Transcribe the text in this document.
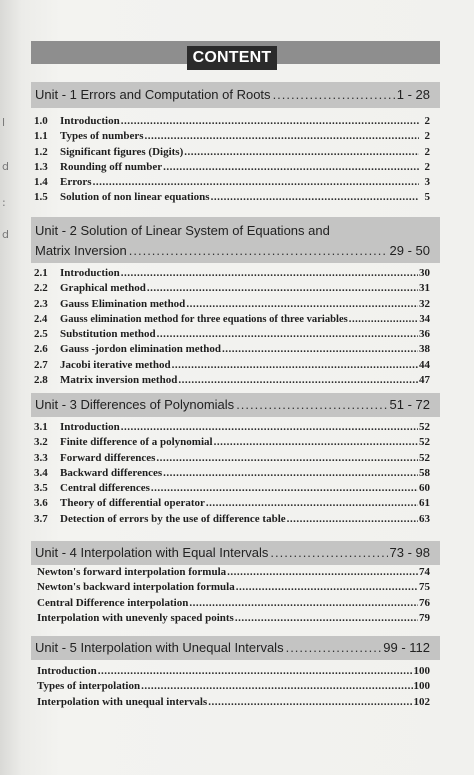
l
d
:
d
CONTENT
Unit - 1 Errors and Computation of Roots .....	1 - 28
1.0	Introduction .....	2
1.1	Types of numbers .....	2
1.2	Significant figures (Digits) .....	2
1.3	Rounding off number .....	2
1.4	Errors .....	3
1.5	Solution of non linear equations .....	5
Unit - 2 Solution of Linear System of Equations and
Matrix Inversion .....	29 - 50
2.1	Introduction .....	30
2.2	Graphical method .....	31
2.3	Gauss Elimination method .....	32
2.4	Gauss elimination method for three equations of three variables .....	34
2.5	Substitution method .....	36
2.6	Gauss -jordon elimination method .....	38
2.7	Jacobi iterative method .....	44
2.8	Matrix inversion method .....	47
Unit - 3 Differences of Polynomials .....	51 - 72
3.1	Introduction .....	52
3.2	Finite difference of a polynomial .....	52
3.3	Forward differences .....	52
3.4	Backward differences .....	58
3.5	Central differences .....	60
3.6	Theory of differential operator .....	61
3.7	Detection of errors by the use of difference table .....	63
Unit - 4 Interpolation with Equal Intervals .....	73 - 98
Newton's forward interpolation formula .....	74
Newton's backward interpolation formula .....	75
Central Difference interpolation .....	76
Interpolation with unevenly spaced points .....	79
Unit - 5 Interpolation with Unequal Intervals .....	99 - 112
Introduction .....	100
Types of interpolation .....	100
Interpolation with unequal intervals .....	102
